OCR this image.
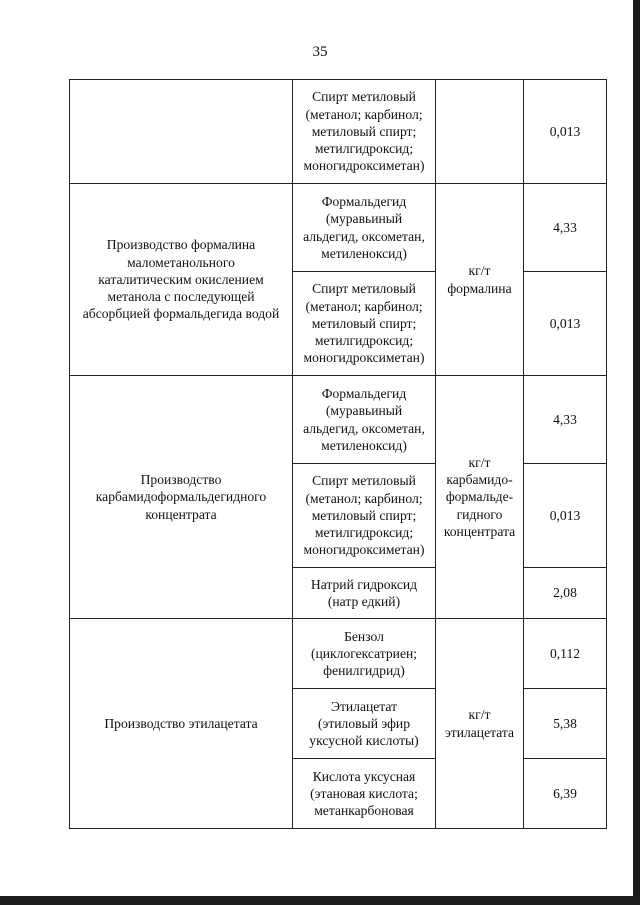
35
	Спирт метиловый
(метанол; карбинол;
метиловый спирт;
метилгидроксид;
моногидроксиметан)		0,013
Производство формалина
малометанольного
каталитическим окислением
метанола с последующей
абсорбцией формальдегида водой	Формальдегид
(муравьиный
альдегид, оксометан,
метиленоксид)	кг/т
формалина	4,33
	Спирт метиловый
(метанол; карбинол;
метиловый спирт;
метилгидроксид;
моногидроксиметан)		0,013
Производство
карбамидоформальдегидного
концентрата	Формальдегид
(муравьиный
альдегид, оксометан,
метиленоксид)	кг/т
карбамидо-
формальде-
гидного
концентрата	4,33
	Спирт метиловый
(метанол; карбинол;
метиловый спирт;
метилгидроксид;
моногидроксиметан)		0,013
	Натрий гидроксид
(натр едкий)		2,08
Производство этилацетата	Бензол
(циклогексатриен;
фенилгидрид)	кг/т
этилацетата	0,112
	Этилацетат
(этиловый эфир
уксусной кислоты)		5,38
	Кислота уксусная
(этановая кислота;
метанкарбоновая		6,39
